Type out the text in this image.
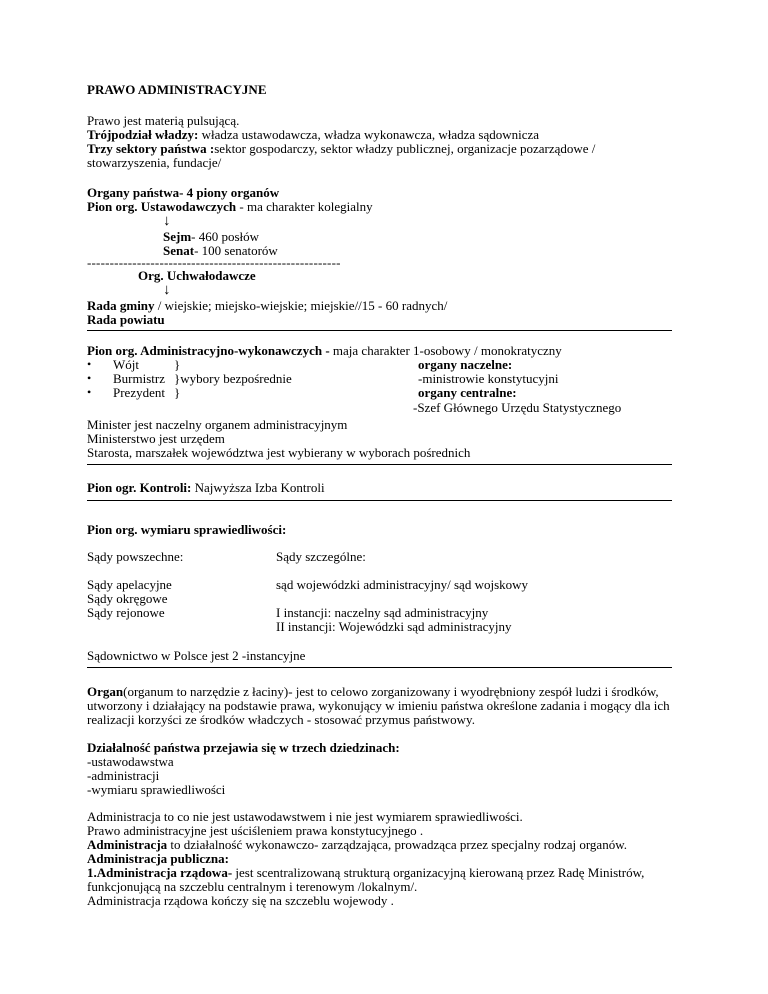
PRAWO ADMINISTRACYJNE
Prawo jest materią pulsującą.
Trójpodział władzy: władza ustawodawcza, władza wykonawcza, władza sądownicza
Trzy sektory państwa :sektor gospodarczy, sektor władzy publicznej, organizacje pozarządowe /
stowarzyszenia, fundacje/
Organy państwa- 4 piony organów
Pion org. Ustawodawczych - ma charakter kolegialny
↓
Sejm- 460 posłów
Senat- 100 senatorów
--------------------------------------------------------
Org. Uchwałodawcze
↓
Rada gminy / wiejskie; miejsko-wiejskie; miejskie//15 - 60 radnych/
Rada powiatu
Pion org. Administracyjno-wykonawczych - maja charakter 1-osobowy / monokratyczny
• Wójt	}	organy naczelne:
• Burmistrz }wybory bezpośrednie	-ministrowie konstytucyjni
• Prezydent }	organy centralne:
-Szef Głównego Urzędu Statystycznego
Minister jest naczelny organem administracyjnym
Ministerstwo jest urzędem
Starosta, marszałek województwa jest wybierany w wyborach pośrednich
Pion ogr. Kontroli: Najwyższa Izba Kontroli
Pion org. wymiaru sprawiedliwości:
Sądy powszechne:	Sądy szczególne:
Sądy apelacyjne	sąd wojewódzki administracyjny/ sąd wojskowy
Sądy okręgowe
Sądy rejonowe	I instancji: naczelny sąd administracyjny
II instancji: Wojewódzki sąd administracyjny
Sądownictwo w Polsce jest 2 -instancyjne
Organ(organum to narzędzie z łaciny)- jest to celowo zorganizowany i wyodrębniony zespół ludzi i środków,
utworzony i działający na podstawie prawa, wykonujący w imieniu państwa określone zadania i mogący dla ich
realizacji korzyści ze środków władczych - stosować przymus państwowy.
Działalność państwa przejawia się w trzech dziedzinach:
-ustawodawstwa
-administracji
-wymiaru sprawiedliwości
Administracja to co nie jest ustawodawstwem i nie jest wymiarem sprawiedliwości.
Prawo administracyjne jest uściśleniem prawa konstytucyjnego .
Administracja to działalność wykonawczo- zarządzająca, prowadząca przez specjalny rodzaj organów.
Administracja publiczna:
1.Administracja rządowa- jest scentralizowaną strukturą organizacyjną kierowaną przez Radę Ministrów,
funkcjonującą na szczeblu centralnym i terenowym /lokalnym/.
Administracja rządowa kończy się na szczeblu wojewody .
